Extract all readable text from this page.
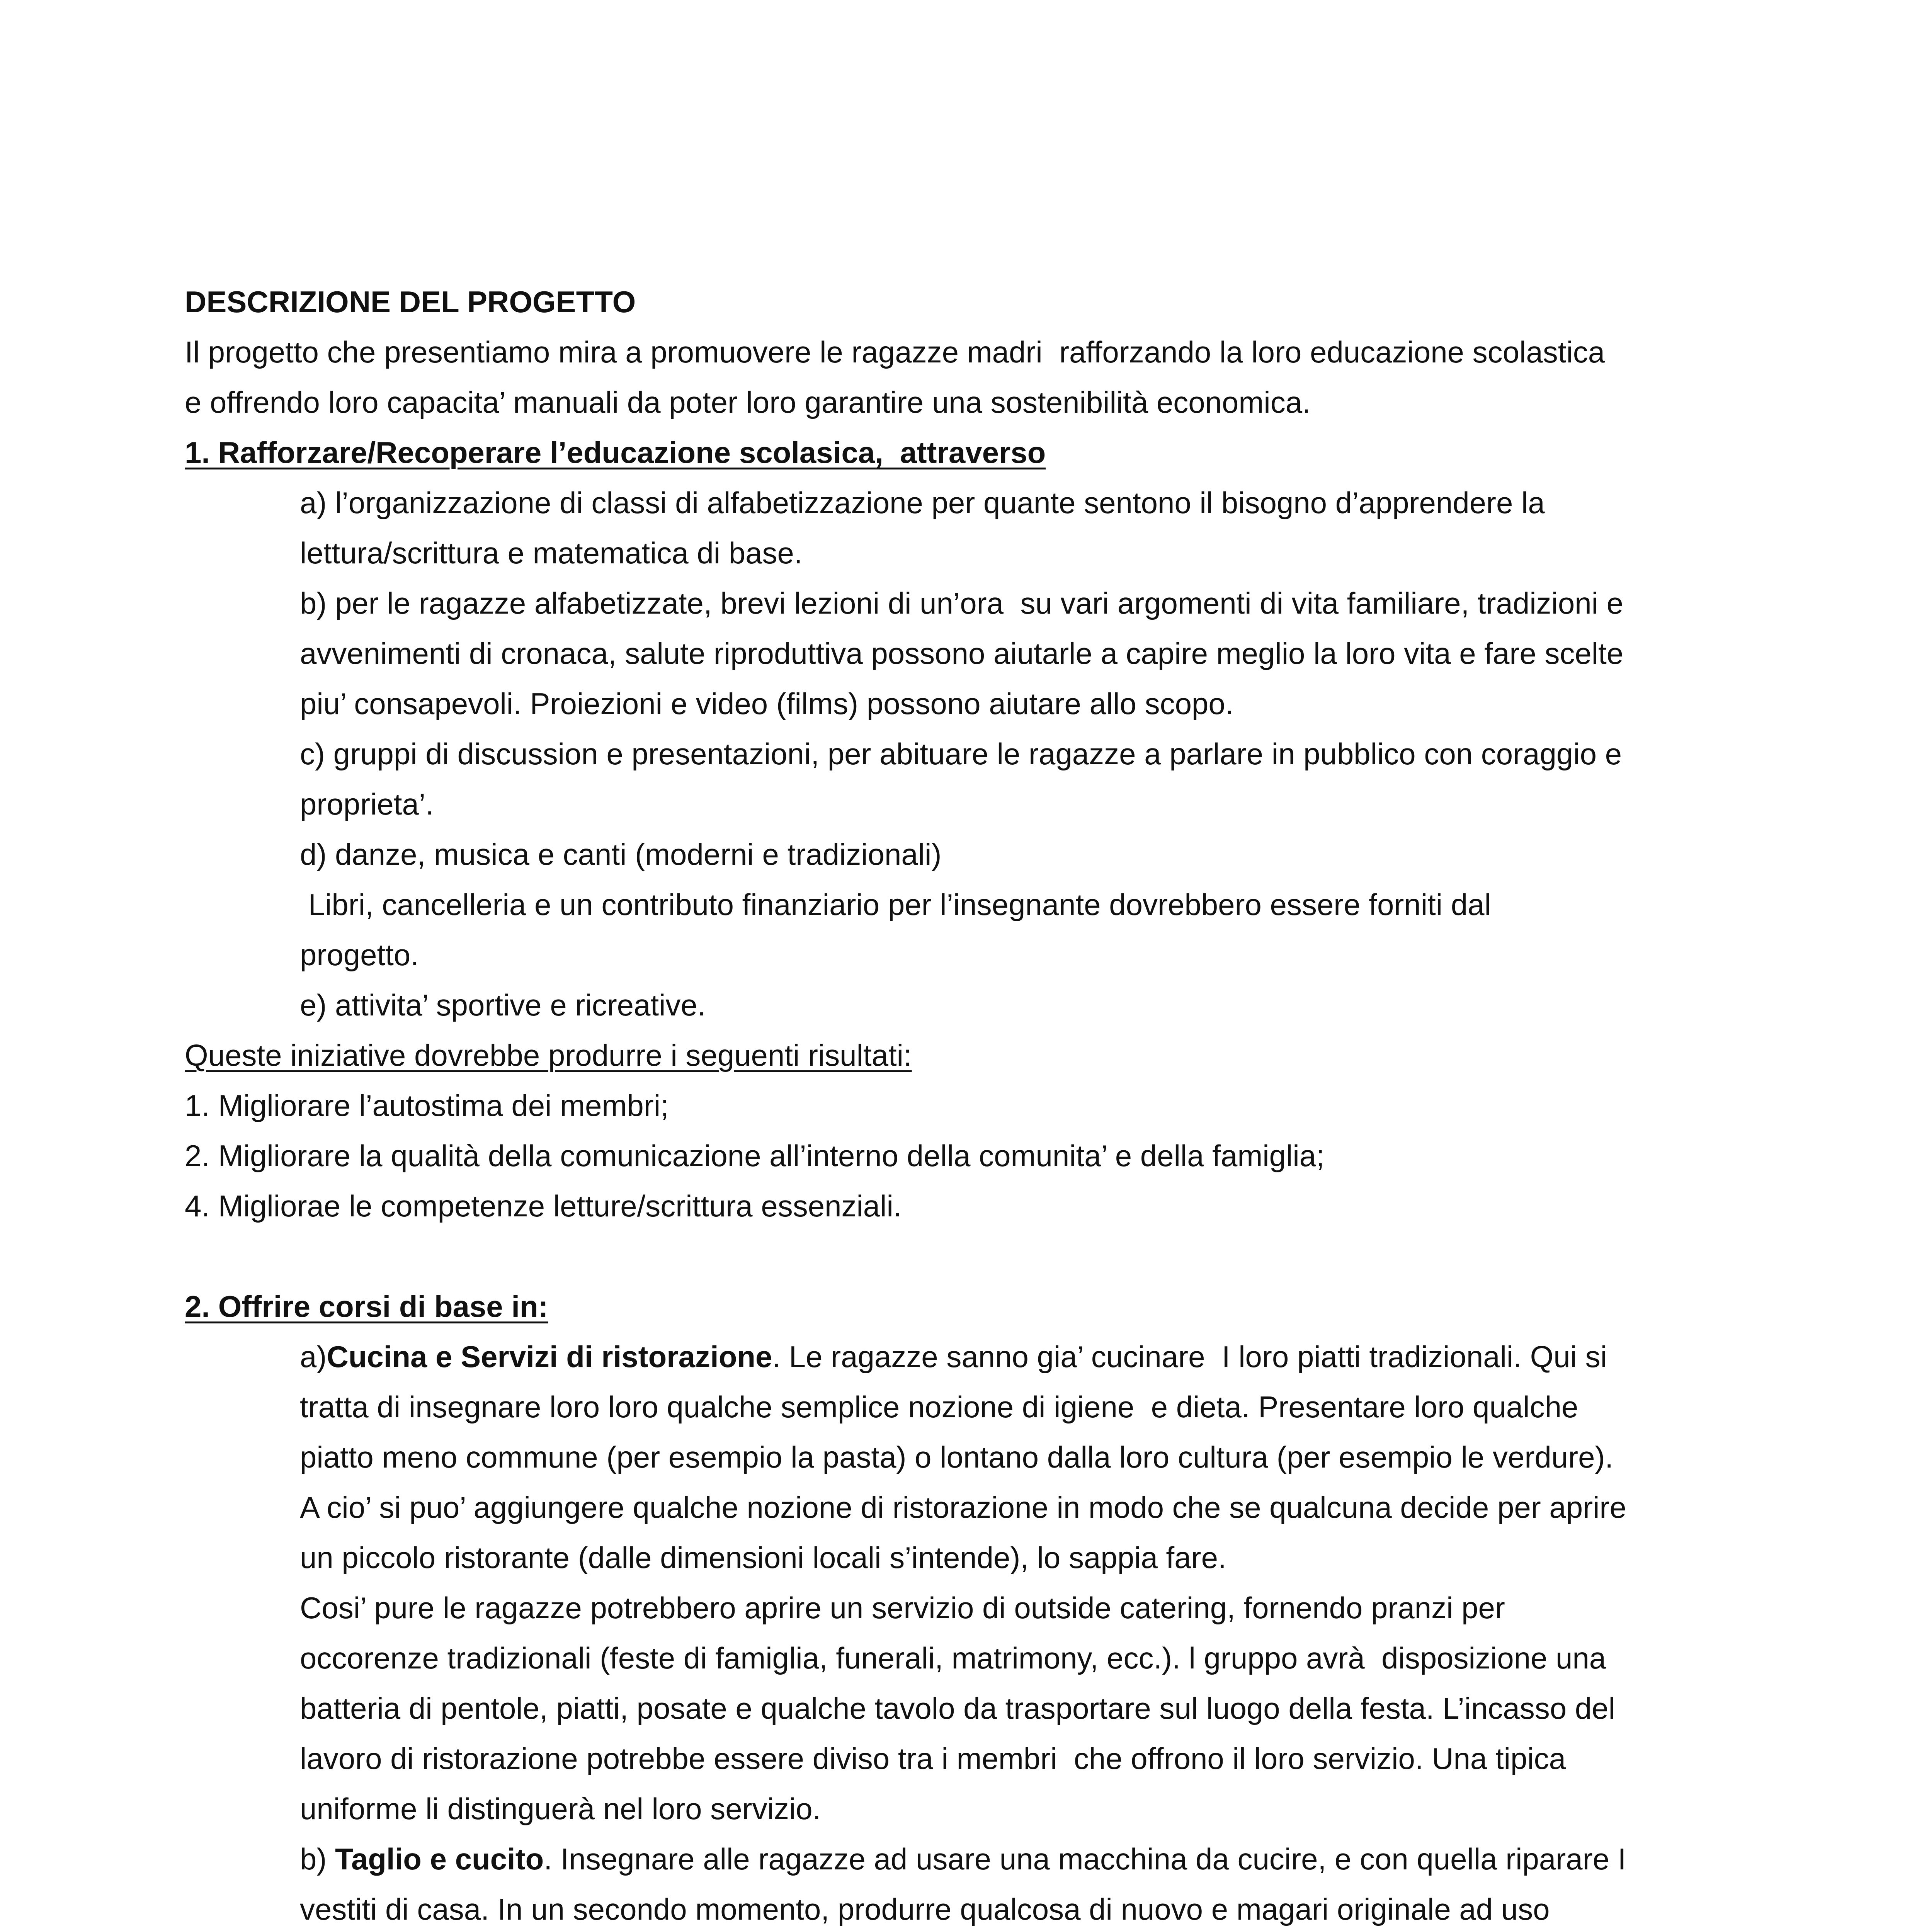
DESCRIZIONE DEL PROGETTO
Il progetto che presentiamo mira a promuovere le ragazze madri  rafforzando la loro educazione scolastica
e offrendo loro capacita’ manuali da poter loro garantire una sostenibilità economica.
1. Rafforzare/Recoperare l’educazione scolasica,  attraverso
a) l’organizzazione di classi di alfabetizzazione per quante sentono il bisogno d’apprendere la
lettura/scrittura e matematica di base.
b) per le ragazze alfabetizzate, brevi lezioni di un’ora  su vari argomenti di vita familiare, tradizioni e
avvenimenti di cronaca, salute riproduttiva possono aiutarle a capire meglio la loro vita e fare scelte
piu’ consapevoli. Proiezioni e video (films) possono aiutare allo scopo.
c) gruppi di discussion e presentazioni, per abituare le ragazze a parlare in pubblico con coraggio e
proprieta’.
d) danze, musica e canti (moderni e tradizionali)
Libri, cancelleria e un contributo finanziario per l’insegnante dovrebbero essere forniti dal
progetto.
e) attivita’ sportive e ricreative.
Queste iniziative dovrebbe produrre i seguenti risultati:
1. Migliorare l’autostima dei membri;
2. Migliorare la qualità della comunicazione all’interno della comunita’ e della famiglia;
4. Migliorae le competenze letture/scrittura essenziali.
2. Offrire corsi di base in:
a)Cucina e Servizi di ristorazione. Le ragazze sanno gia’ cucinare  I loro piatti tradizionali. Qui si
tratta di insegnare loro loro qualche semplice nozione di igiene  e dieta. Presentare loro qualche
piatto meno commune (per esempio la pasta) o lontano dalla loro cultura (per esempio le verdure).
A cio’ si puo’ aggiungere qualche nozione di ristorazione in modo che se qualcuna decide per aprire
un piccolo ristorante (dalle dimensioni locali s’intende), lo sappia fare.
Cosi’ pure le ragazze potrebbero aprire un servizio di outside catering, fornendo pranzi per
occorenze tradizionali (feste di famiglia, funerali, matrimony, ecc.). l gruppo avrà  disposizione una
batteria di pentole, piatti, posate e qualche tavolo da trasportare sul luogo della festa. L’incasso del
lavoro di ristorazione potrebbe essere diviso tra i membri  che offrono il loro servizio. Una tipica
uniforme li distinguerà nel loro servizio.
b) Taglio e cucito. Insegnare alle ragazze ad usare una macchina da cucire, e con quella riparare I
vestiti di casa. In un secondo momento, produrre qualcosa di nuovo e magari originale ad uso
